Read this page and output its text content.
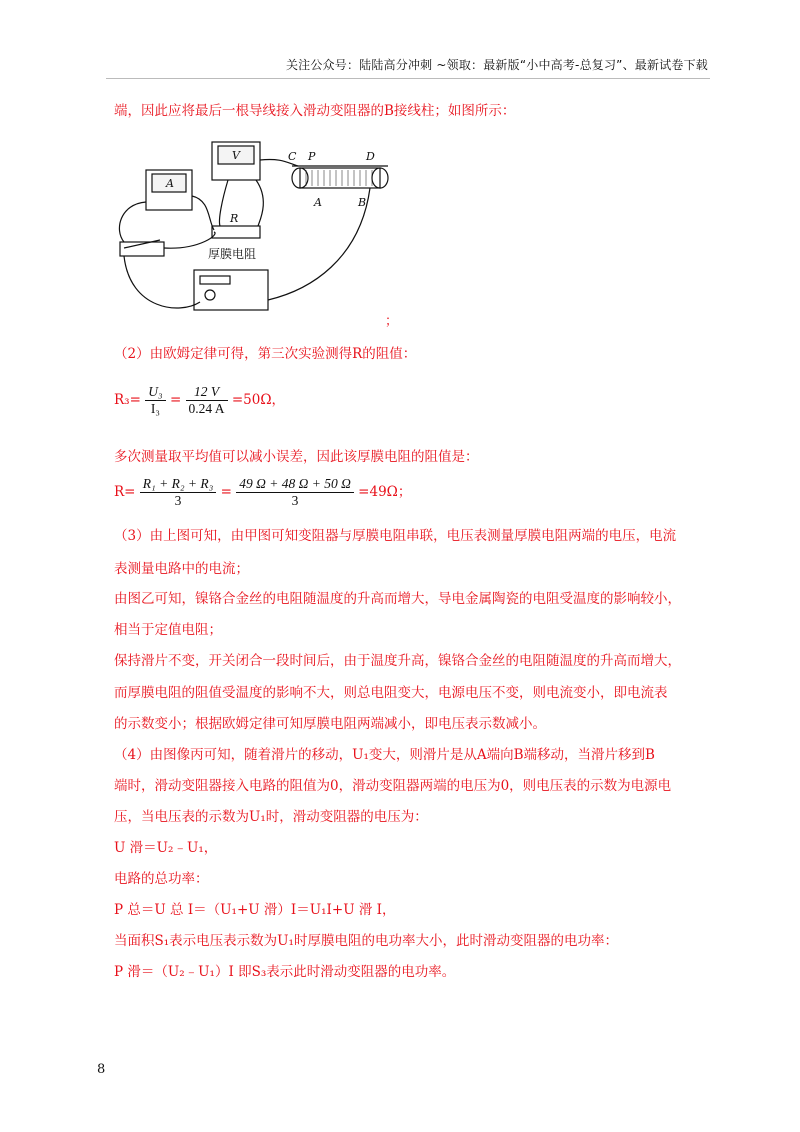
关注公众号：陆陆高分冲刺 ~领取：最新版“小中高考-总复习”、最新试卷下载
端，因此应将最后一根导线接入滑动变阻器的B接线柱；如图所示：
A
V
R
C P	D
A	B
厚膜电阻
；
（2）由欧姆定律可得，第三次实验测得R的阻值：
$R_3= \frac{\text{U₃}}{\text{I₃}} = \frac{12 V}{0.24 A} =50\Omega$，
多次测量取平均值可以减小误差，因此该厚膜电阻的阻值是：
$R= \frac{\text{R₁ + R₂ + R₃}}{3} = \frac{49 \Omega + 48 \Omega + 50 \Omega}{3} =49\Omega$；
（3）由上图可知，由甲图可知变阻器与厚膜电阻串联，电压表测量厚膜电阻两端的电压，电流
表测量电路中的电流；
由图乙可知，镍铬合金丝的电阻随温度的升高而增大，导电金属陶瓷的电阻受温度的影响较小，
相当于定值电阻；
保持滑片不变，开关闭合一段时间后，由于温度升高，镍铬合金丝的电阻随温度的升高而增大，
而厚膜电阻的阻值受温度的影响不大，则总电阻变大，电源电压不变，则电流变小，即电流表
的示数变小；根据欧姆定律可知厚膜电阻两端减小，即电压表示数减小。
（4）由图像丙可知，随着滑片的移动，U₁变大，则滑片是从A端向B端移动，当滑片移到B
端时，滑动变阻器接入电路的阻值为0，滑动变阻器两端的电压为0，则电压表的示数为电源电
压，当电压表的示数为U₁时，滑动变阻器的电压为：
U 滑＝U₂﹣U₁，
电路的总功率：
P 总＝U 总 I＝（U₁+U 滑）I＝U₁I+U 滑 I，
当面积S₁表示电压表示数为U₁时厚膜电阻的电功率大小，此时滑动变阻器的电功率：
P 滑＝（U₂﹣U₁）I 即S₃表示此时滑动变阻器的电功率。
8
